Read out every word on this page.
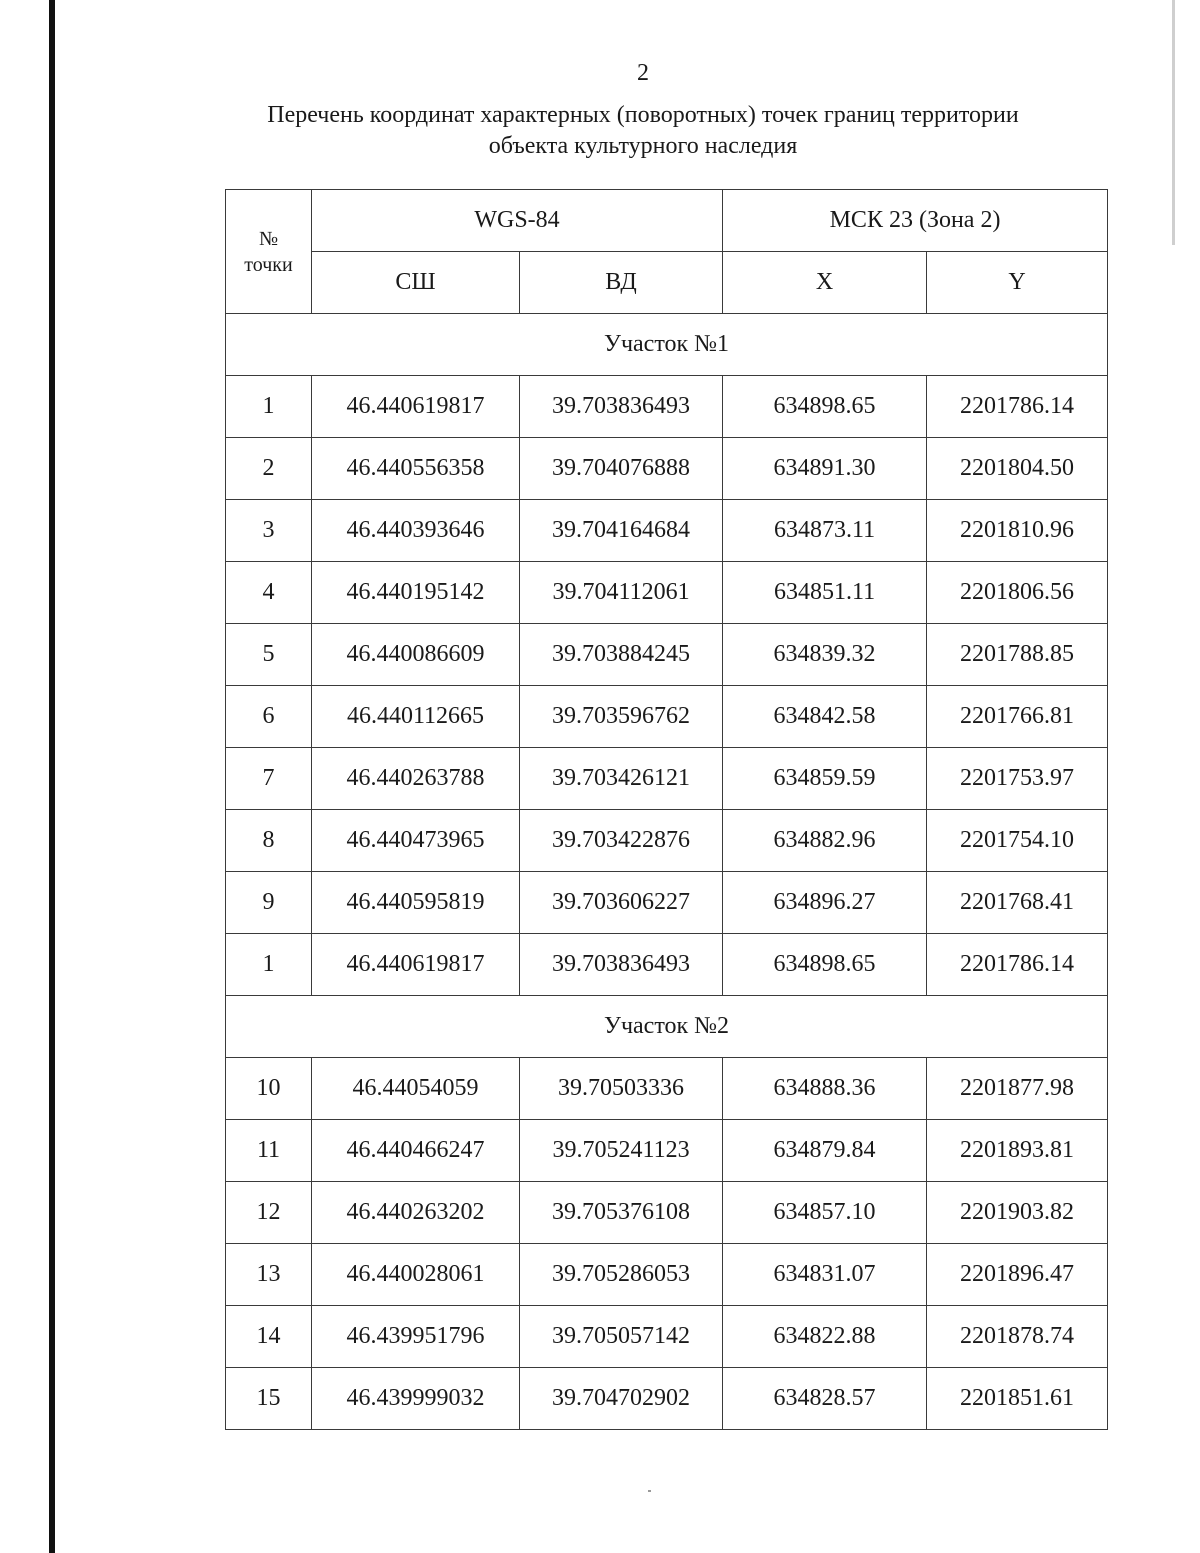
2
Перечень координат характерных (поворотных) точек границ территории
объекта культурного наследия
№
точки	WGS-84		МСК 23 (Зона 2)	
	СШ	ВД	X	Y
Участок №1				
1	46.440619817	39.703836493	634898.65	2201786.14
2	46.440556358	39.704076888	634891.30	2201804.50
3	46.440393646	39.704164684	634873.11	2201810.96
4	46.440195142	39.704112061	634851.11	2201806.56
5	46.440086609	39.703884245	634839.32	2201788.85
6	46.440112665	39.703596762	634842.58	2201766.81
7	46.440263788	39.703426121	634859.59	2201753.97
8	46.440473965	39.703422876	634882.96	2201754.10
9	46.440595819	39.703606227	634896.27	2201768.41
1	46.440619817	39.703836493	634898.65	2201786.14
Участок №2				
10	46.44054059	39.70503336	634888.36	2201877.98
11	46.440466247	39.705241123	634879.84	2201893.81
12	46.440263202	39.705376108	634857.10	2201903.82
13	46.440028061	39.705286053	634831.07	2201896.47
14	46.439951796	39.705057142	634822.88	2201878.74
15	46.439999032	39.704702902	634828.57	2201851.61
